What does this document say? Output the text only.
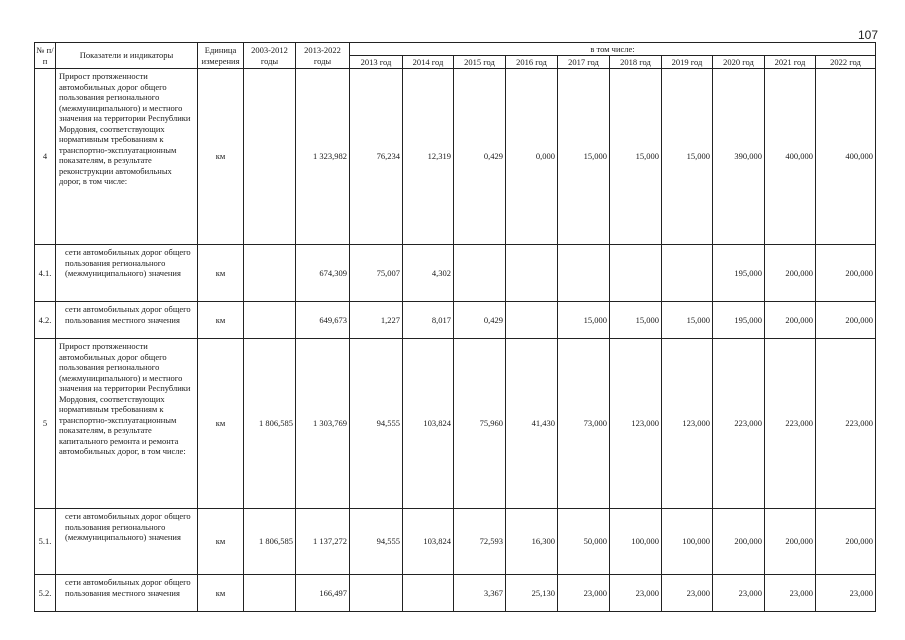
107
№ п/п	Показатели и индикаторы	Единица измерения	2003-2012 годы	2013-2022 годы	в том числе:									
					2013 год	2014 год	2015 год	2016 год	2017 год	2018 год	2019 год	2020 год	2021 год	2022 год
4	Прирост протяженности автомобильных дорог общего пользования регионального (межмуниципального) и местного значения на территории Республики Мордовия, соответствующих нормативным требованиям к транспортно-эксплуатационным показателям, в результате реконструкции автомобильных дорог, в том числе:	км		1 323,982	76,234	12,319	0,429	0,000	15,000	15,000	15,000	390,000	400,000	400,000
4.1.	сети автомобильных дорог общего пользования регионального (межмуниципального) значения	км		674,309	75,007	4,302						195,000	200,000	200,000
4.2.	сети автомобильных дорог общего пользования местного значения	км		649,673	1,227	8,017	0,429		15,000	15,000	15,000	195,000	200,000	200,000
5	Прирост протяженности автомобильных дорог общего пользования регионального (межмуниципального) и местного значения на территории Республики Мордовия, соответствующих нормативным требованиям к транспортно-эксплуатационным показателям, в результате капитального ремонта и ремонта автомобильных дорог, в том числе:	км	1 806,585	1 303,769	94,555	103,824	75,960	41,430	73,000	123,000	123,000	223,000	223,000	223,000
5.1.	сети автомобильных дорог общего пользования регионального (межмуниципального) значения	км	1 806,585	1 137,272	94,555	103,824	72,593	16,300	50,000	100,000	100,000	200,000	200,000	200,000
5.2.	сети автомобильных дорог общего пользования местного значения	км		166,497			3,367	25,130	23,000	23,000	23,000	23,000	23,000	23,000
